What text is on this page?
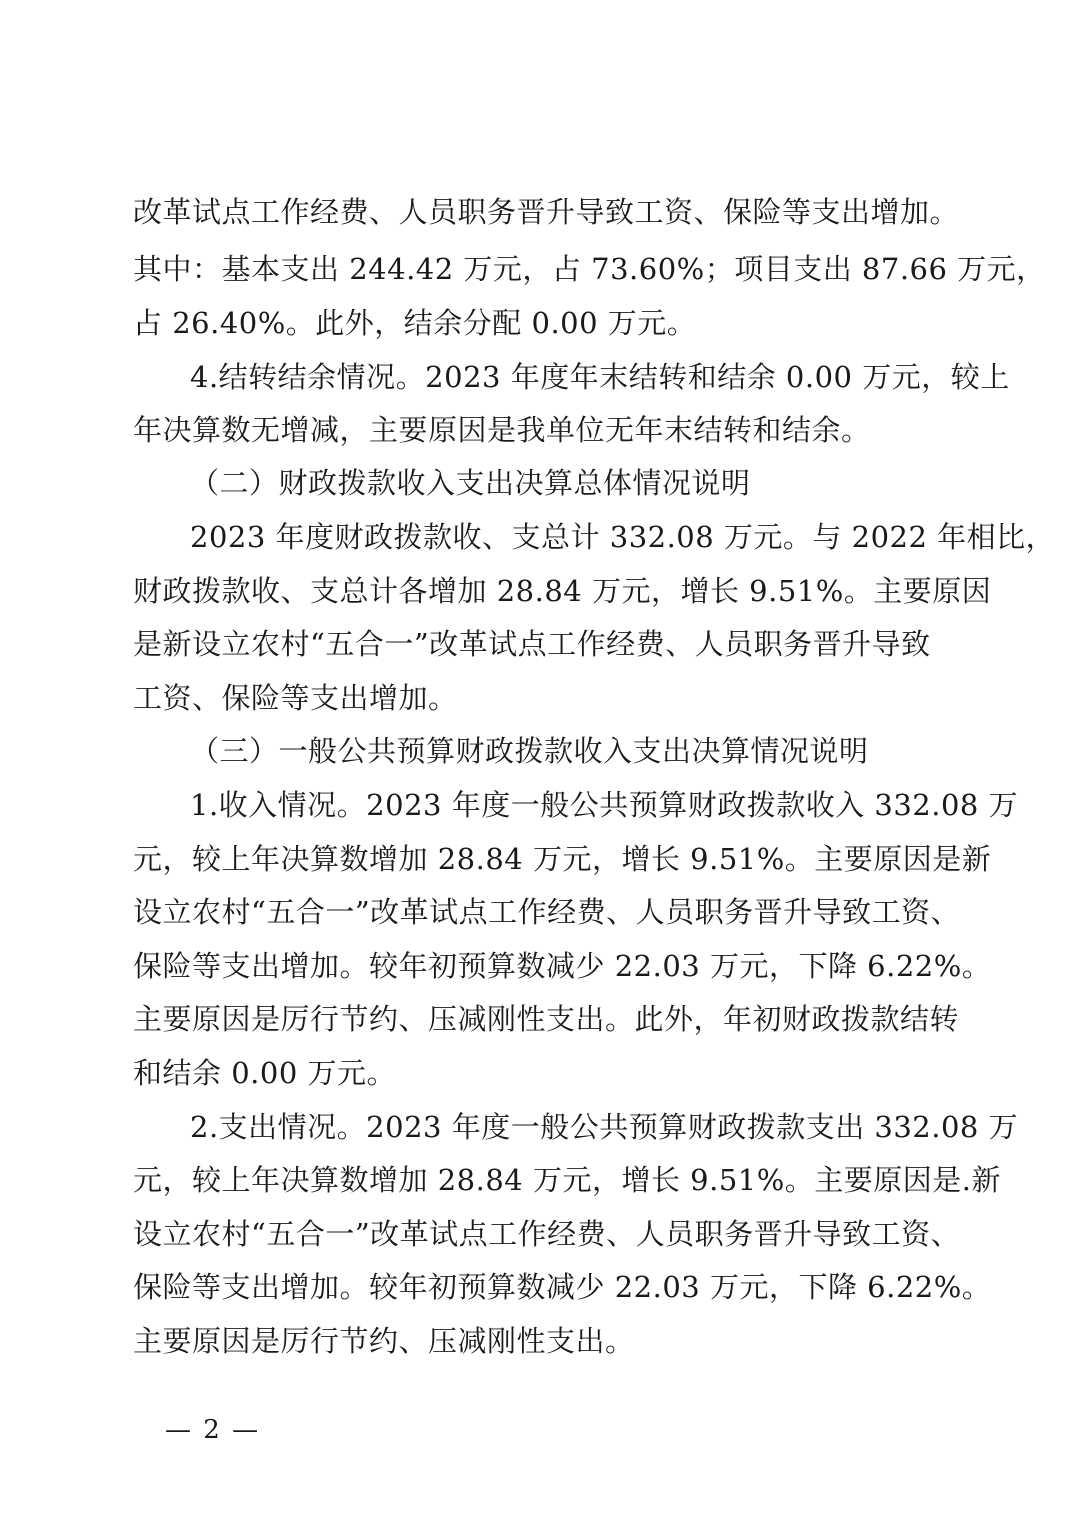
改革试点工作经费、人员职务晋升导致工资、保险等支出增加。
其中：基本支出 244.42 万元，占 73.60%；项目支出 87.66 万元，
占 26.40%。此外，结余分配 0.00 万元。
4.结转结余情况。2023 年度年末结转和结余 0.00 万元，较上
年决算数无增减，主要原因是我单位无年末结转和结余。
（二）财政拨款收入支出决算总体情况说明
2023 年度财政拨款收、支总计 332.08 万元。与 2022 年相比，
财政拨款收、支总计各增加 28.84 万元，增长 9.51%。主要原因
是新设立农村“五合一”改革试点工作经费、人员职务晋升导致
工资、保险等支出增加。
（三）一般公共预算财政拨款收入支出决算情况说明
1.收入情况。2023 年度一般公共预算财政拨款收入 332.08 万
元，较上年决算数增加 28.84 万元，增长 9.51%。主要原因是新
设立农村“五合一”改革试点工作经费、人员职务晋升导致工资、
保险等支出增加。较年初预算数减少 22.03 万元，下降 6.22%。
主要原因是厉行节约、压减刚性支出。此外，年初财政拨款结转
和结余 0.00 万元。
2.支出情况。2023 年度一般公共预算财政拨款支出 332.08 万
元，较上年决算数增加 28.84 万元，增长 9.51%。主要原因是.新
设立农村“五合一”改革试点工作经费、人员职务晋升导致工资、
保险等支出增加。较年初预算数减少 22.03 万元，下降 6.22%。
主要原因是厉行节约、压减刚性支出。
— 2 —
